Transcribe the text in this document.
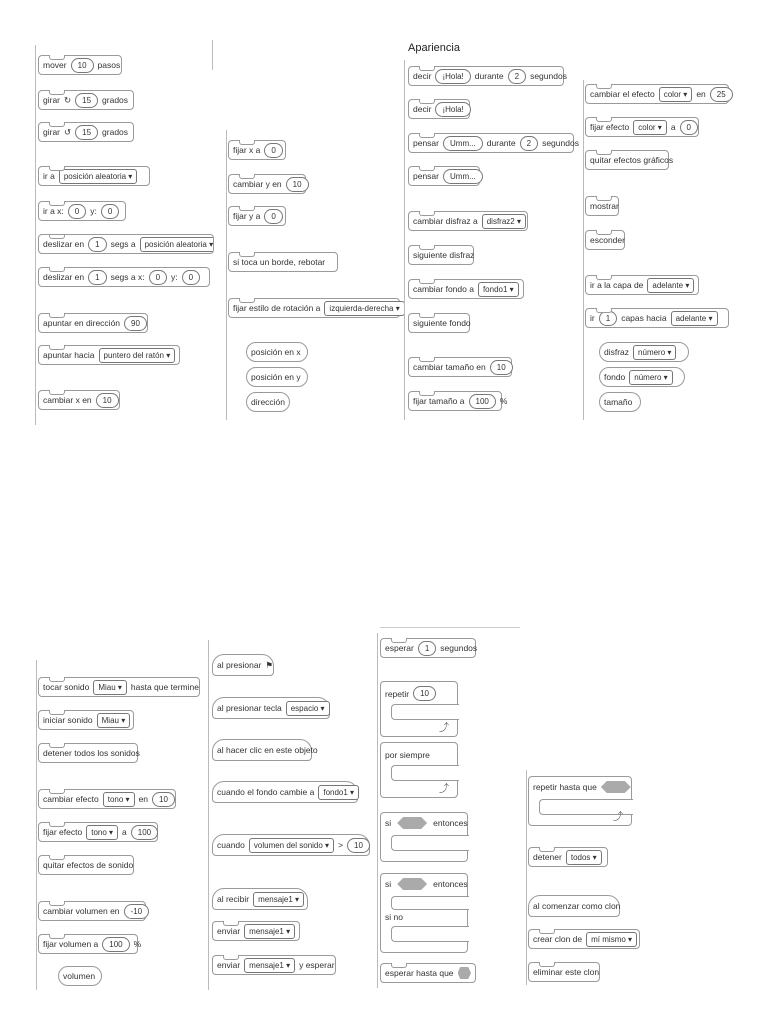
mover	10	pasos
girar ↻	15	grados
girar ↺	15	grados
ir a	posición aleatoria ▾
ir a x:	0	y:	0
deslizar en	1	segs a	posición aleatoria ▾
deslizar en	1	segs a x:	0	y:	0
apuntar en dirección	90
apuntar hacia	puntero del ratón ▾
cambiar x en	10
fijar x a	0
cambiar y en	10
fijar y a	0
si toca un borde, rebotar
fijar estilo de rotación a	izquierda-derecha ▾
posición en x
posición en y
dirección
Apariencia
decir	¡Hola!	durante	2	segundos
decir	¡Hola!
pensar	Umm...	durante	2	segundos
pensar	Umm...
cambiar disfraz a	disfraz2 ▾
siguiente disfraz
cambiar fondo a	fondo1 ▾
siguiente fondo
cambiar tamaño en	10
fijar tamaño a	100	%
cambiar el efecto	color ▾	en	25
fijar efecto	color ▾	a	0
quitar efectos gráficos
mostrar
esconder
ir a la capa de	adelante ▾
ir	1	capas hacia	adelante ▾
disfraz	número ▾
fondo	número ▾
tamaño
tocar sonido	Miau ▾	hasta que termine
iniciar sonido	Miau ▾
detener todos los sonidos
cambiar efecto	tono ▾	en	10
fijar efecto	tono ▾	a	100
quitar efectos de sonido
cambiar volumen en	-10
fijar volumen a	100	%
volumen
al presionar ⚑
al presionar tecla	espacio ▾
al hacer clic en este objeto
cuando el fondo cambie a	fondo1 ▾
cuando	volumen del sonido ▾	>	10
al recibir	mensaje1 ▾
enviar	mensaje1 ▾
enviar	mensaje1 ▾	y esperar
esperar	1	segundos
repetir	10
⤴
por siempre
⤴
si	entonces
si	entonces
si no
esperar hasta que
repetir hasta que
⤴
detener	todos ▾
al comenzar como clon
crear clon de	mí mismo ▾
eliminar este clon
